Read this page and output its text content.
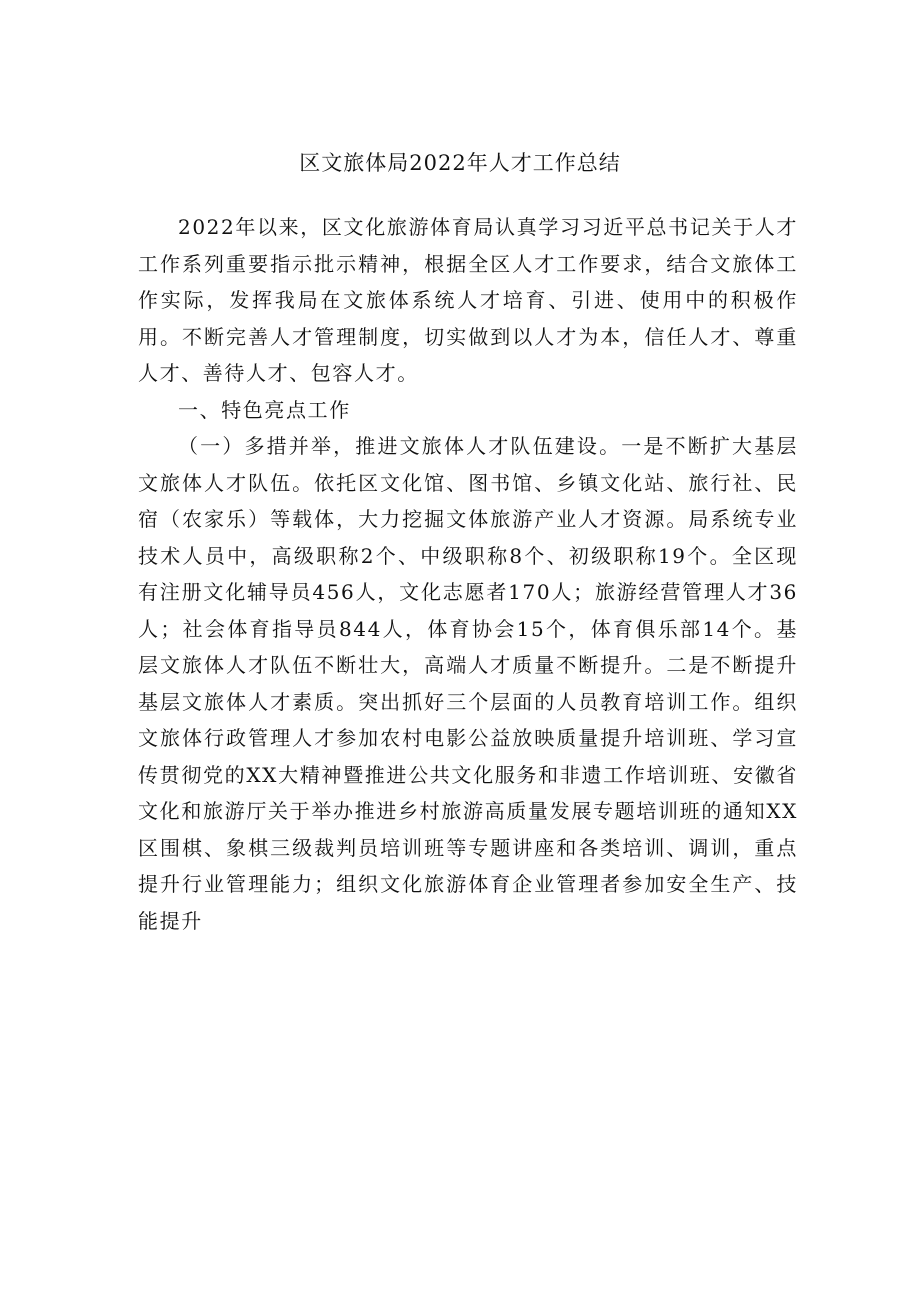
区文旅体局2022年人才工作总结

2022年以来，区文化旅游体育局认真学习习近平总书记关于人才工作系列重要指示批示精神，根据全区人才工作要求，结合文旅体工作实际，发挥我局在文旅体系统人才培育、引进、使用中的积极作用。不断完善人才管理制度，切实做到以人才为本，信任人才、尊重人才、善待人才、包容人才。

一、特色亮点工作

（一）多措并举，推进文旅体人才队伍建设。一是不断扩大基层文旅体人才队伍。依托区文化馆、图书馆、乡镇文化站、旅行社、民宿（农家乐）等载体，大力挖掘文体旅游产业人才资源。局系统专业技术人员中，高级职称2个、中级职称8个、初级职称19个。全区现有注册文化辅导员456人，文化志愿者170人；旅游经营管理人才36人；社会体育指导员844人，体育协会15个，体育俱乐部14个。基层文旅体人才队伍不断壮大，高端人才质量不断提升。二是不断提升基层文旅体人才素质。突出抓好三个层面的人员教育培训工作。组织文旅体行政管理人才参加农村电影公益放映质量提升培训班、学习宣传贯彻党的XX大精神暨推进公共文化服务和非遗工作培训班、安徽省文化和旅游厅关于举办推进乡村旅游高质量发展专题培训班的通知XX区围棋、象棋三级裁判员培训班等专题讲座和各类培训、调训，重点提升行业管理能力；组织文化旅游体育企业管理者参加安全生产、技能提升
